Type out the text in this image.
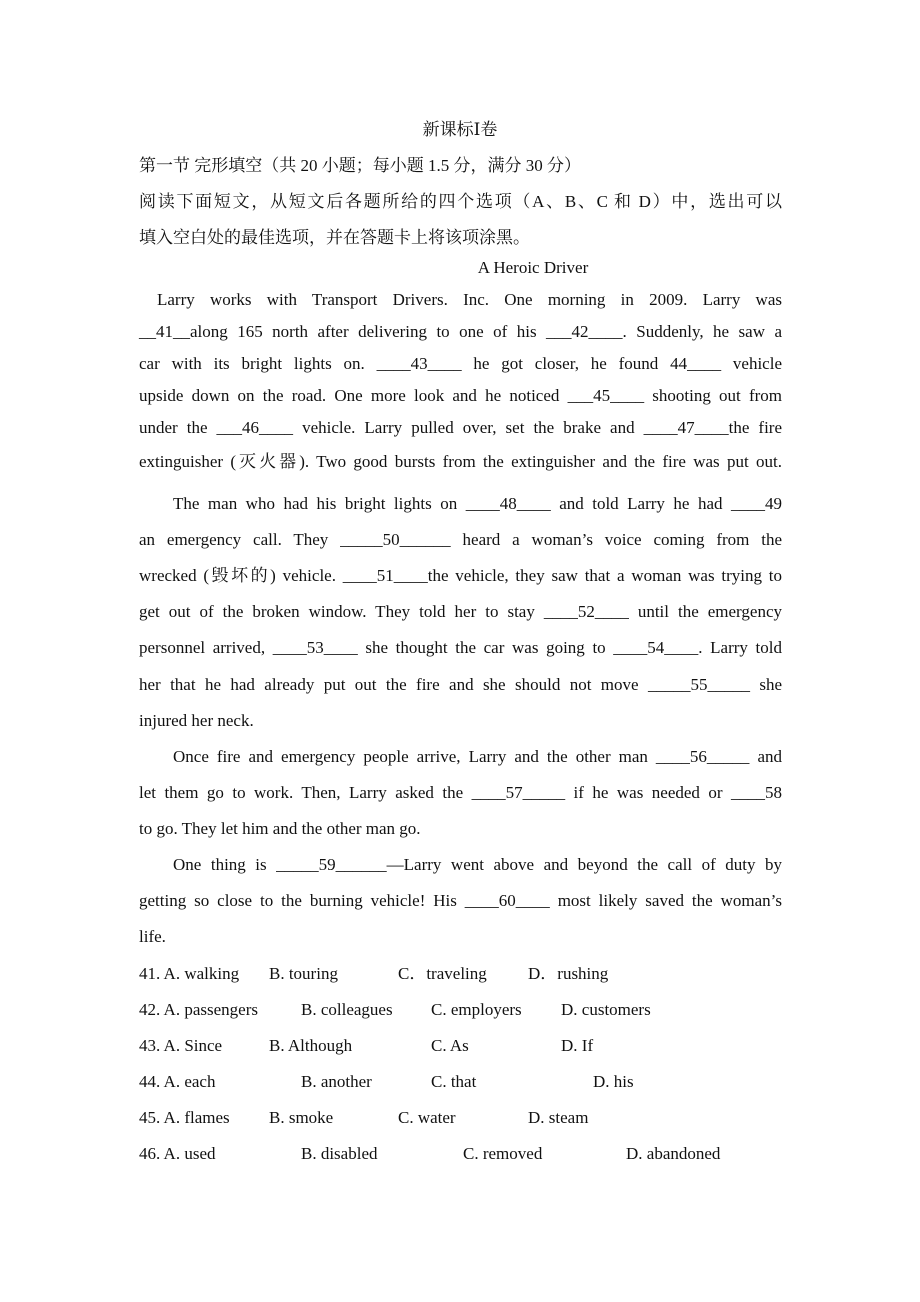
新课标Ⅰ卷
第一节 完形填空（共 20 小题；每小题 1.5 分，满分 30 分）
阅读下面短文，从短文后各题所给的四个选项（A、B、C 和 D）中，选出可以
填入空白处的最佳选项，并在答题卡上将该项涂黑。
A Heroic Driver
Larry works with Transport Drivers. Inc. One morning in 2009. Larry was
__41__along 165 north after delivering to one of his ___42____. Suddenly, he saw a
car with its bright lights on. ____43____ he got closer, he found 44____ vehicle
upside down on the road. One more look and he noticed ___45____ shooting out from
under the ___46____ vehicle. Larry pulled over, set the brake and ____47____the fire
extinguisher (灭火器). Two good bursts from the extinguisher and the fire was put out.
The man who had his bright lights on ____48____ and told Larry he had ____49
an emergency call. They _____50______ heard a woman’s voice coming from the
wrecked (毁坏的) vehicle. ____51____the vehicle, they saw that a woman was trying to
get out of the broken window. They told her to stay ____52____ until the emergency
personnel arrived, ____53____ she thought the car was going to ____54____. Larry told
her that he had already put out the fire and she should not move _____55_____ she
injured her neck.
Once fire and emergency people arrive, Larry and the other man ____56_____ and
let them go to work. Then, Larry asked the ____57_____ if he was needed or ____58
to go. They let him and the other man go.
One thing is _____59______—Larry went above and beyond the call of duty by
getting so close to the burning vehicle! His ____60____ most likely saved the woman’s
life.
41. A. walking B. touring	C．traveling D．rushing
42. A. passengers	B. colleagues C. employers D. customers
43. A. Since	B. Although	C. As	D. If
44. A. each	B. another	C. that	D. his
45. A. flames B. smoke	C. water	D. steam
46. A. used	B. disabled	C. removed	D. abandoned
